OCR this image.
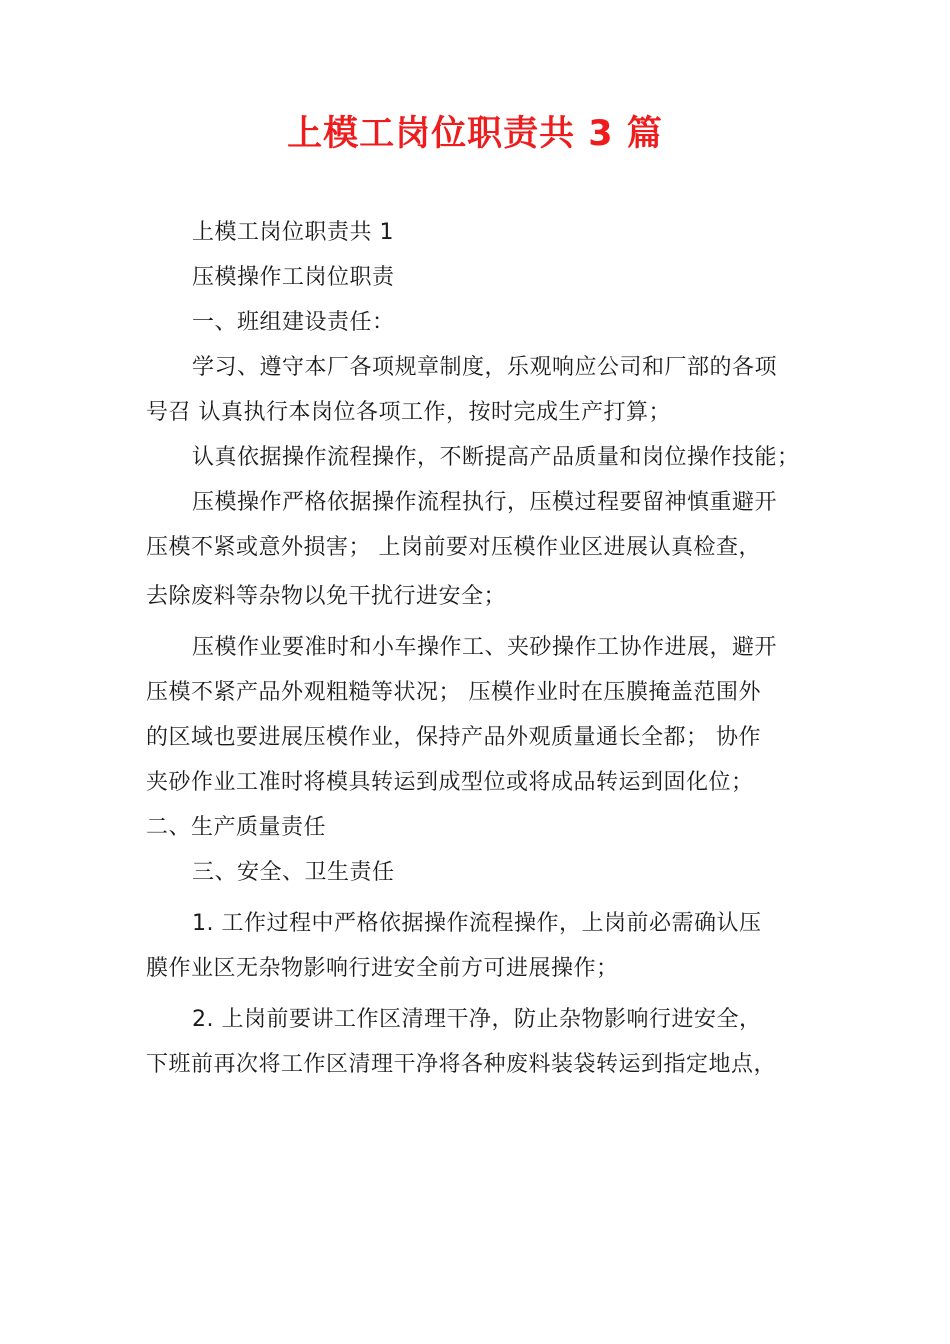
上模工岗位职责共 3 篇

上模工岗位职责共 1

压模操作工岗位职责

一、班组建设责任：

学习、遵守本厂各项规章制度，乐观响应公司和厂部的各项

号召 认真执行本岗位各项工作，按时完成生产打算；

认真依据操作流程操作，不断提高产品质量和岗位操作技能；

压模操作严格依据操作流程执行，压模过程要留神慎重避开

压模不紧或意外损害； 上岗前要对压模作业区进展认真检查，

去除废料等杂物以免干扰行进安全；

压模作业要准时和小车操作工、夹砂操作工协作进展，避开

压模不紧产品外观粗糙等状况； 压模作业时在压膜掩盖范围外

的区域也要进展压模作业，保持产品外观质量通长全都； 协作

夹砂作业工准时将模具转运到成型位或将成品转运到固化位；

二、生产质量责任

三、安全、卫生责任

1. 工作过程中严格依据操作流程操作，上岗前必需确认压

膜作业区无杂物影响行进安全前方可进展操作；

2. 上岗前要讲工作区清理干净，防止杂物影响行进安全，

下班前再次将工作区清理干净将各种废料装袋转运到指定地点，
